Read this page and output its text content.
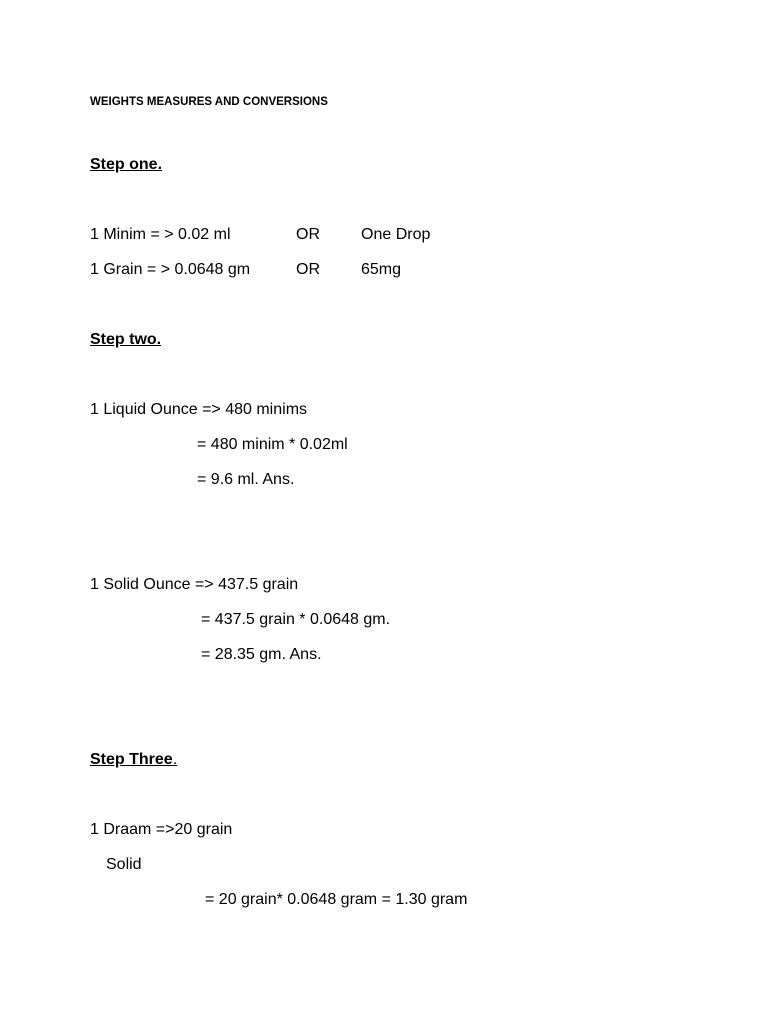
WEIGHTS MEASURES AND CONVERSIONS
Step one.
1 Minim = > 0.02 ml	OR	One Drop
1 Grain = > 0.0648 gm	OR	65mg
Step two.
1 Liquid Ounce => 480 minims
= 480 minim * 0.02ml
= 9.6 ml. Ans.
1 Solid Ounce => 437.5 grain
= 437.5 grain * 0.0648 gm.
= 28.35 gm. Ans.
Step Three.
1 Draam =>20 grain
Solid
= 20 grain* 0.0648 gram = 1.30 gram
